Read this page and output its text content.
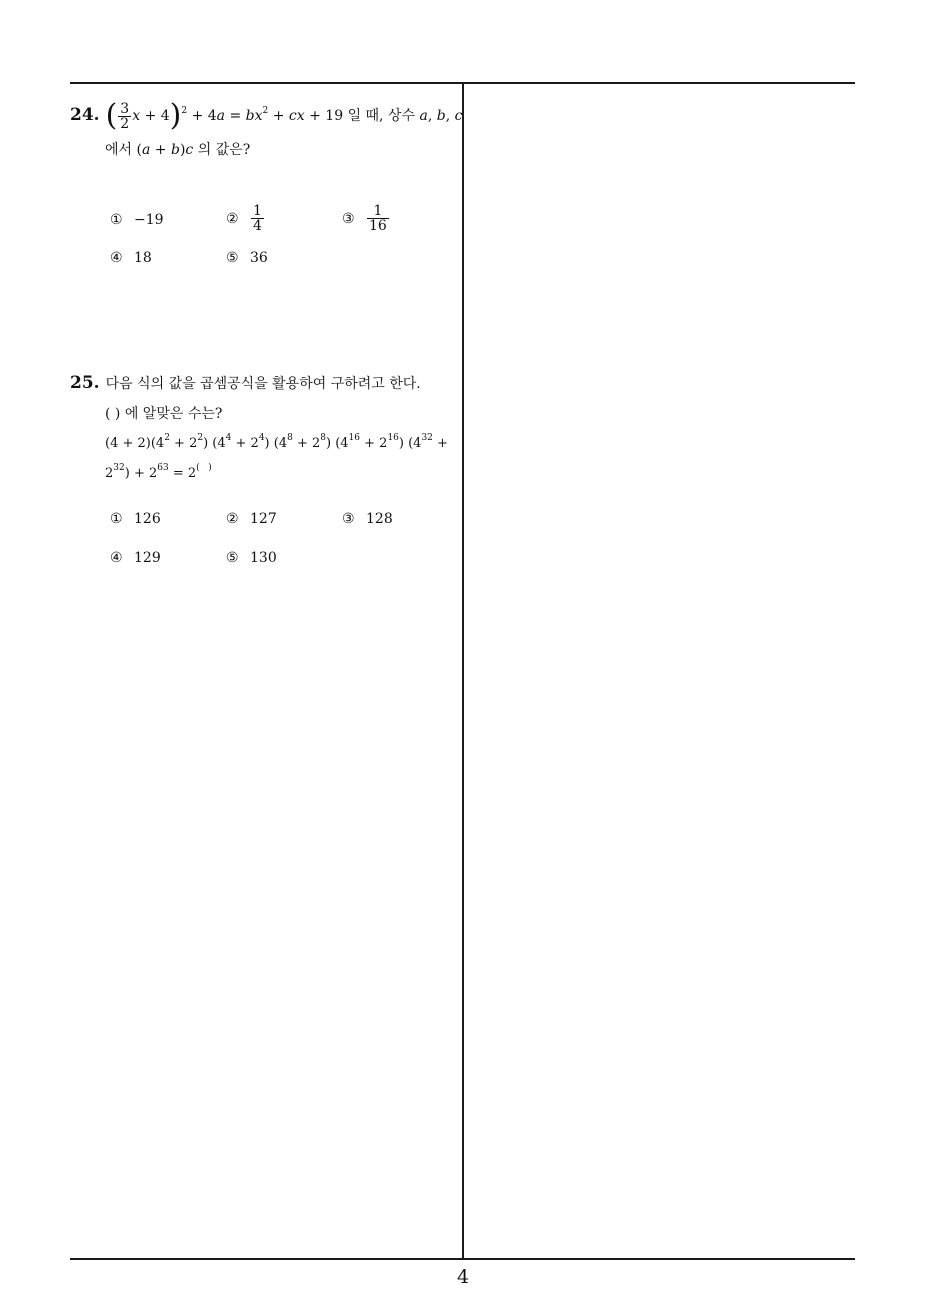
24. ( $\frac{3}{2}$ $x + 4)^2 + 4a = bx^2$ + cx + 19 일 때, 상수 a, b, c
에서 (a + b)c 의 값은?
① −19	② $\frac{1}{4}$	③ $\frac{1}{16}$
④ 18	⑤ 36
25. 다음 식의 값을 곱셈공식을 활용하여 구하려고 한다.
( ) 에 알맞은 수는?
$(4 + 2)(4^2 + 2^2)$ $(4^4 + 2^4) (4^8 + 2^8) (4^{16} + 2^{16}) (4^{32}$ +
$2^{32}) + 2^{63} = 2^{( )}$
① 126	② 127	③ 128
④ 129	⑤ 130
4
